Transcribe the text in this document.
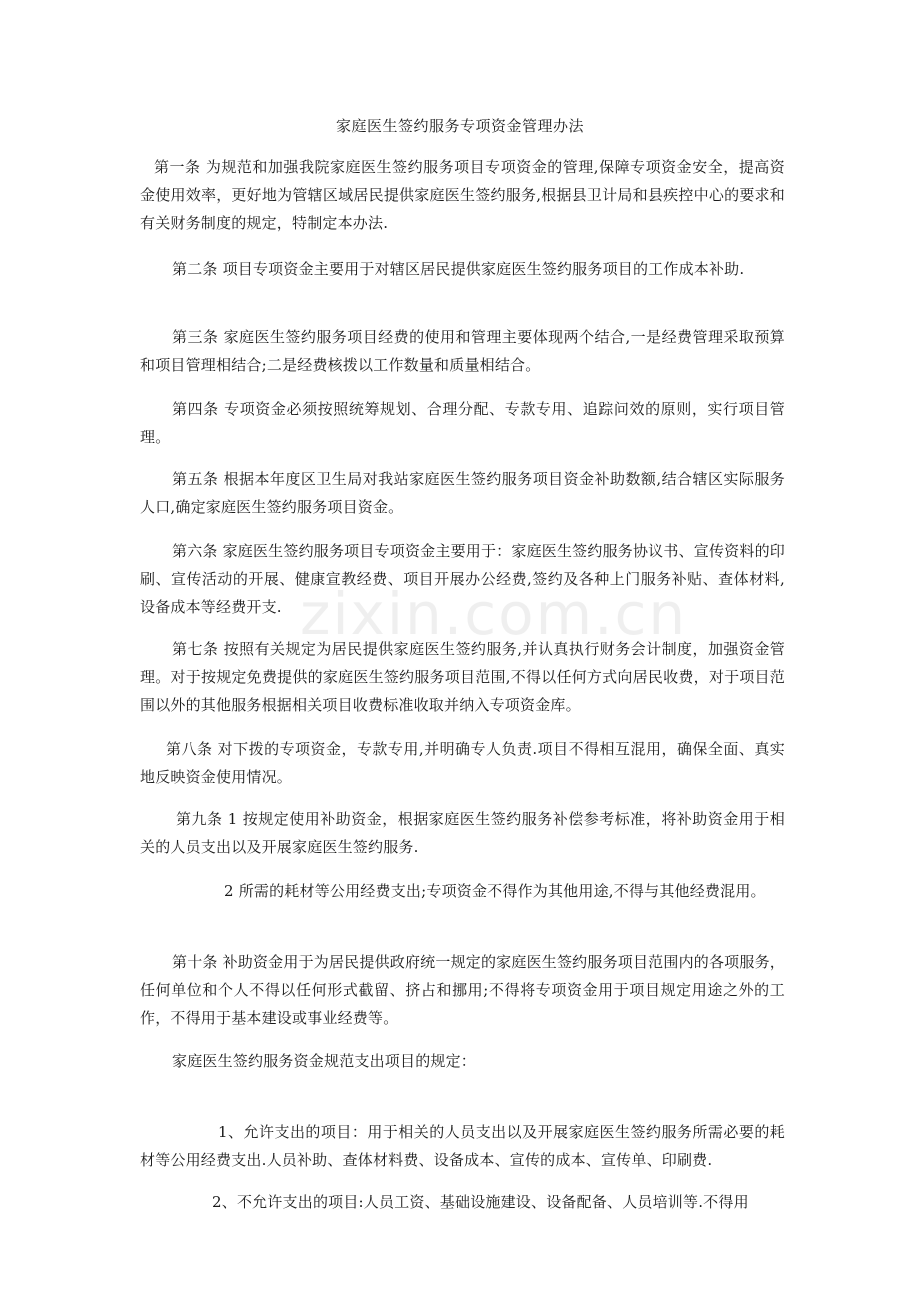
zixin.com.cn
家庭医生签约服务专项资金管理办法
第一条 为规范和加强我院家庭医生签约服务项目专项资金的管理,保障专项资金安全，提高资金使用效率，更好地为管辖区域居民提供家庭医生签约服务,根据县卫计局和县疾控中心的要求和有关财务制度的规定，特制定本办法.
第二条 项目专项资金主要用于对辖区居民提供家庭医生签约服务项目的工作成本补助.
第三条 家庭医生签约服务项目经费的使用和管理主要体现两个结合,一是经费管理采取预算和项目管理相结合;二是经费核拨以工作数量和质量相结合。
第四条 专项资金必须按照统筹规划、合理分配、专款专用、追踪问效的原则，实行项目管理。
第五条 根据本年度区卫生局对我站家庭医生签约服务项目资金补助数额,结合辖区实际服务人口,确定家庭医生签约服务项目资金。
第六条 家庭医生签约服务项目专项资金主要用于：家庭医生签约服务协议书、宣传资料的印刷、宣传活动的开展、健康宣教经费、项目开展办公经费,签约及各种上门服务补贴、查体材料,设备成本等经费开支.
第七条 按照有关规定为居民提供家庭医生签约服务,并认真执行财务会计制度，加强资金管理。对于按规定免费提供的家庭医生签约服务项目范围,不得以任何方式向居民收费，对于项目范围以外的其他服务根据相关项目收费标准收取并纳入专项资金库。
第八条 对下拨的专项资金，专款专用,并明确专人负责.项目不得相互混用，确保全面、真实地反映资金使用情况。
第九条 1 按规定使用补助资金，根据家庭医生签约服务补偿参考标准，将补助资金用于相关的人员支出以及开展家庭医生签约服务.
2 所需的耗材等公用经费支出;专项资金不得作为其他用途,不得与其他经费混用。
第十条 补助资金用于为居民提供政府统一规定的家庭医生签约服务项目范围内的各项服务，任何单位和个人不得以任何形式截留、挤占和挪用;不得将专项资金用于项目规定用途之外的工作，不得用于基本建设或事业经费等。
家庭医生签约服务资金规范支出项目的规定：
1、允许支出的项目：用于相关的人员支出以及开展家庭医生签约服务所需必要的耗材等公用经费支出.人员补助、查体材料费、设备成本、宣传的成本、宣传单、印刷费.
2、不允许支出的项目:人员工资、基础设施建设、设备配备、人员培训等.不得用
